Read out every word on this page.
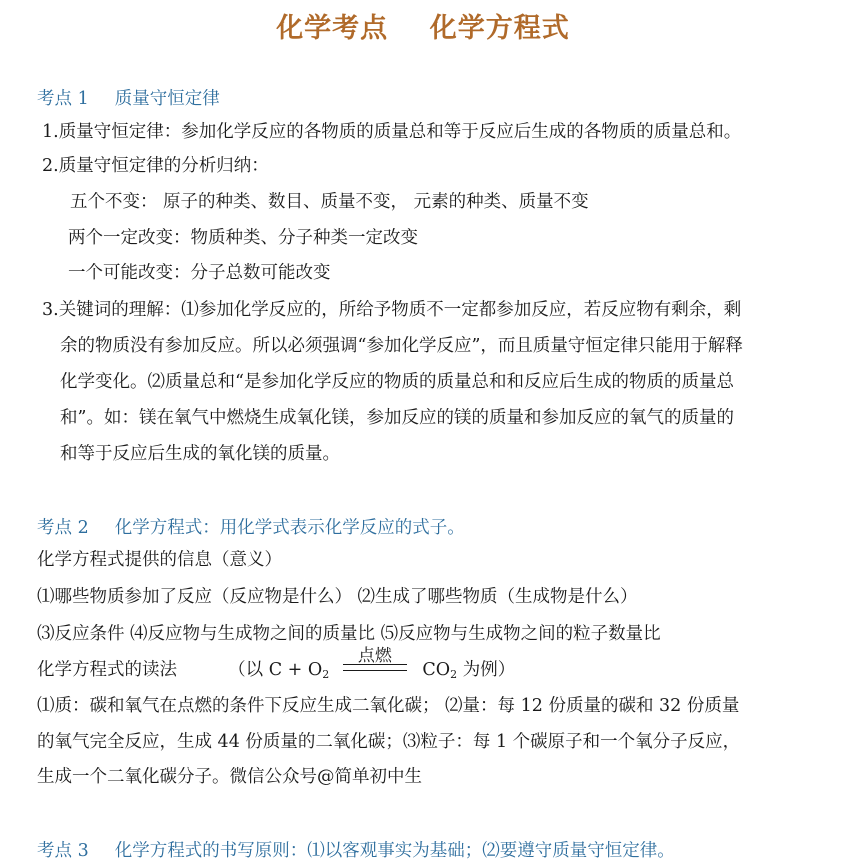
化学考点    化学方程式
考点 1 质量守恒定律
1.质量守恒定律：参加化学反应的各物质的质量总和等于反应后生成的各物质的质量总和。
2.质量守恒定律的分析归纳：
五个不变： 原子的种类、数目、质量不变， 元素的种类、质量不变
两个一定改变：物质种类、分子种类一定改变
一个可能改变：分子总数可能改变
3.关键词的理解：⑴参加化学反应的，所给予物质不一定都参加反应，若反应物有剩余，剩
余的物质没有参加反应。所以必须强调“参加化学反应”，而且质量守恒定律只能用于解释
化学变化。⑵质量总和“是参加化学反应的物质的质量总和和反应后生成的物质的质量总
和”。如：镁在氧气中燃烧生成氧化镁，参加反应的镁的质量和参加反应的氧气的质量的
和等于反应后生成的氧化镁的质量。
考点 2 化学方程式：用化学式表示化学反应的式子。
化学方程式提供的信息（意义）
⑴哪些物质参加了反应（反应物是什么） ⑵生成了哪些物质（生成物是什么）
⑶反应条件 ⑷反应物与生成物之间的质量比 ⑸反应物与生成物之间的粒子数量比
化学方程式的读法	（以 $C + O_2$
点燃
$CO_2$ 为例）
⑴质：碳和氧气在点燃的条件下反应生成二氧化碳； ⑵量：每 12 份质量的碳和 32 份质量
的氧气完全反应，生成 44 份质量的二氧化碳；⑶粒子：每 1 个碳原子和一个氧分子反应，
生成一个二氧化碳分子。微信公众号@简单初中生
考点 3 化学方程式的书写原则：⑴以客观事实为基础；⑵要遵守质量守恒定律。
